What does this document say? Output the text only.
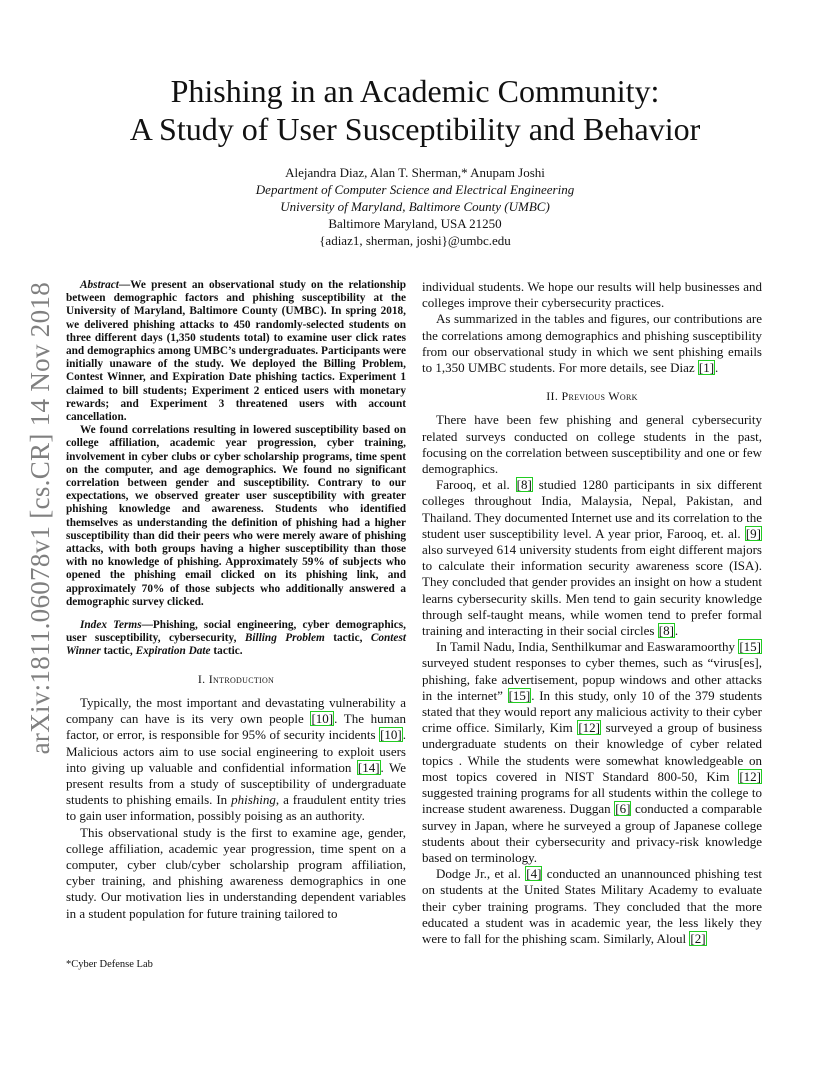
arXiv:1811.06078v1 [cs.CR] 14 Nov 2018
Phishing in an Academic Community:
A Study of User Susceptibility and Behavior
Alejandra Diaz, Alan T. Sherman,* Anupam Joshi
Department of Computer Science and Electrical Engineering
University of Maryland, Baltimore County (UMBC)
Baltimore Maryland, USA 21250
{adiaz1, sherman, joshi}@umbc.edu

Abstract—We present an observational study on the relationship between demographic factors and phishing susceptibility at the University of Maryland, Baltimore County (UMBC). In spring 2018, we delivered phishing attacks to 450 randomly-selected students on three different days (1,350 students total) to examine user click rates and demographics among UMBC’s undergraduates. Participants were initially unaware of the study. We deployed the Billing Problem, Contest Winner, and Expiration Date phishing tactics. Experiment 1 claimed to bill students; Experiment 2 enticed users with monetary rewards; and Experiment 3 threatened users with account cancellation.

We found correlations resulting in lowered susceptibility based on college affiliation, academic year progression, cyber training, involvement in cyber clubs or cyber scholarship programs, time spent on the computer, and age demographics. We found no significant correlation between gender and susceptibility. Contrary to our expectations, we observed greater user susceptibility with greater phishing knowledge and awareness. Students who identified themselves as understanding the definition of phishing had a higher susceptibility than did their peers who were merely aware of phishing attacks, with both groups having a higher susceptibility than those with no knowledge of phishing. Approximately 59% of subjects who opened the phishing email clicked on its phishing link, and approximately 70% of those subjects who additionally answered a demographic survey clicked.

Index Terms—Phishing, social engineering, cyber demographics, user susceptibility, cybersecurity, Billing Problem tactic, Contest Winner tactic, Expiration Date tactic.

I. Introduction

Typically, the most important and devastating vulnerability a company can have is its very own people [10]. The human factor, or error, is responsible for 95% of security incidents [10]. Malicious actors aim to use social engineering to exploit users into giving up valuable and confidential information [14]. We present results from a study of susceptibility of undergraduate students to phishing emails. In phishing, a fraudulent entity tries to gain user information, possibly poising as an authority.

This observational study is the first to examine age, gender, college affiliation, academic year progression, time spent on a computer, cyber club/cyber scholarship program affiliation, cyber training, and phishing awareness demographics in one study. Our motivation lies in understanding dependent variables in a student population for future training tailored to

individual students. We hope our results will help businesses and colleges improve their cybersecurity practices.

As summarized in the tables and figures, our contributions are the correlations among demographics and phishing susceptibility from our observational study in which we sent phishing emails to 1,350 UMBC students. For more details, see Diaz [1].

II. Previous Work

There have been few phishing and general cybersecurity related surveys conducted on college students in the past, focusing on the correlation between susceptibility and one or few demographics.

Farooq, et al. [8] studied 1280 participants in six different colleges throughout India, Malaysia, Nepal, Pakistan, and Thailand. They documented Internet use and its correlation to the student user susceptibility level. A year prior, Farooq, et. al. [9] also surveyed 614 university students from eight different majors to calculate their information security awareness score (ISA). They concluded that gender provides an insight on how a student learns cybersecurity skills. Men tend to gain security knowledge through self-taught means, while women tend to prefer formal training and interacting in their social circles [8].

In Tamil Nadu, India, Senthilkumar and Easwaramoorthy [15] surveyed student responses to cyber themes, such as “virus[es], phishing, fake advertisement, popup windows and other attacks in the internet” [15]. In this study, only 10 of the 379 students stated that they would report any malicious activity to their cyber crime office. Similarly, Kim [12] surveyed a group of business undergraduate students on their knowledge of cyber related topics . While the students were somewhat knowledgeable on most topics covered in NIST Standard 800-50, Kim [12] suggested training programs for all students within the college to increase student awareness. Duggan [6] conducted a comparable survey in Japan, where he surveyed a group of Japanese college students about their cybersecurity and privacy-risk knowledge based on terminology.

Dodge Jr., et al. [4] conducted an unannounced phishing test on students at the United States Military Academy to evaluate their cyber training programs. They concluded that the more educated a student was in academic year, the less likely they were to fall for the phishing scam. Similarly, Aloul [2]

*Cyber Defense Lab
